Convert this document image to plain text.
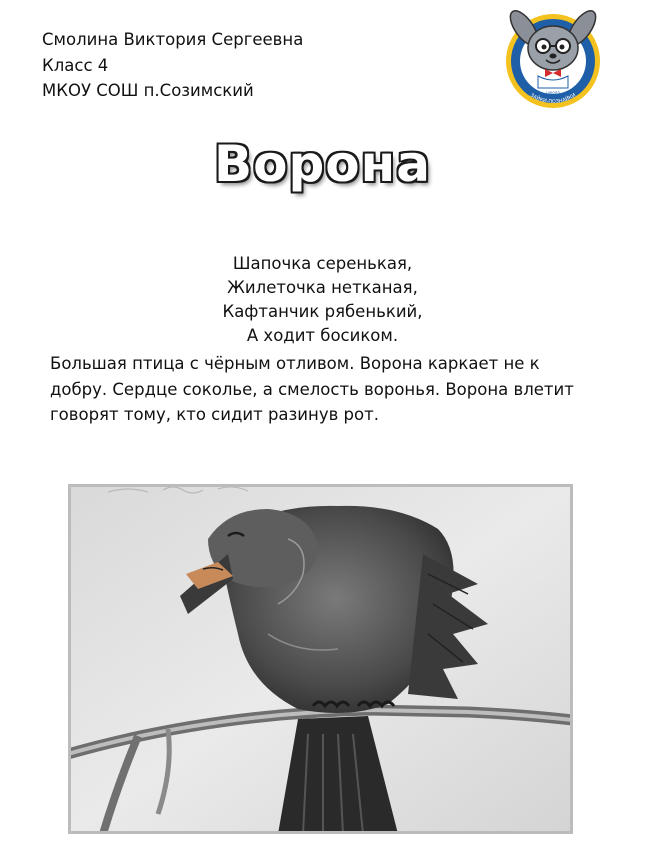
Смолина Виктория Сергеевна
Класс 4
МКОУ СОШ п.Созимский	ЗАЙКИ-ПОЗНАЙКИ
школа
Ворона
Шапочка серенькая,
Жилеточка нетканая,
Кафтанчик рябенький,
А ходит босиком.
Большая птица с чёрным отливом. Ворона каркает не к
добру. Сердце соколье, а смелость воронья. Ворона влетит
говорят тому, кто сидит разинув рот.
